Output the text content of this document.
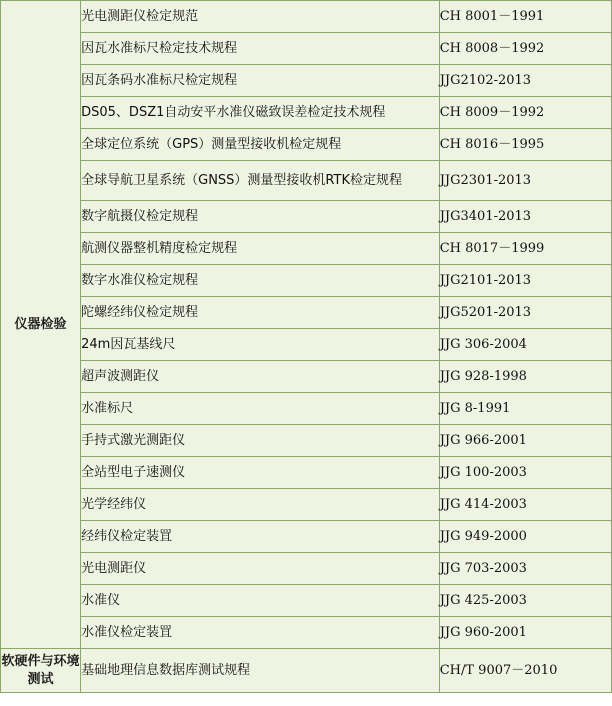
仪器检验	光电测距仪检定规范	CH 8001－1991
	因瓦水准标尺检定技术规程	CH 8008－1992
	因瓦条码水准标尺检定规程	JJG2102-2013
	DS05、DSZ1自动安平水准仪磁致误差检定技术规程	CH 8009－1992
	全球定位系统（GPS）测量型接收机检定规程	CH 8016－1995
	全球导航卫星系统（GNSS）测量型接收机RTK检定规程	JJG2301-2013
	数字航摄仪检定规程	JJG3401-2013
	航测仪器整机精度检定规程	CH 8017－1999
	数字水准仪检定规程	JJG2101-2013
	陀螺经纬仪检定规程	JJG5201-2013
	24m因瓦基线尺	JJG 306-2004
	超声波测距仪	JJG 928-1998
	水准标尺	JJG 8-1991
	手持式激光测距仪	JJG 966-2001
	全站型电子速测仪	JJG 100-2003
	光学经纬仪	JJG 414-2003
	经纬仪检定装罝	JJG 949-2000
	光电测距仪	JJG 703-2003
	水准仪	JJG 425-2003
	水准仪检定装罝	JJG 960-2001
软硬件与环境测试	基础地理信息数据库测试规程	CH/T 9007－2010
